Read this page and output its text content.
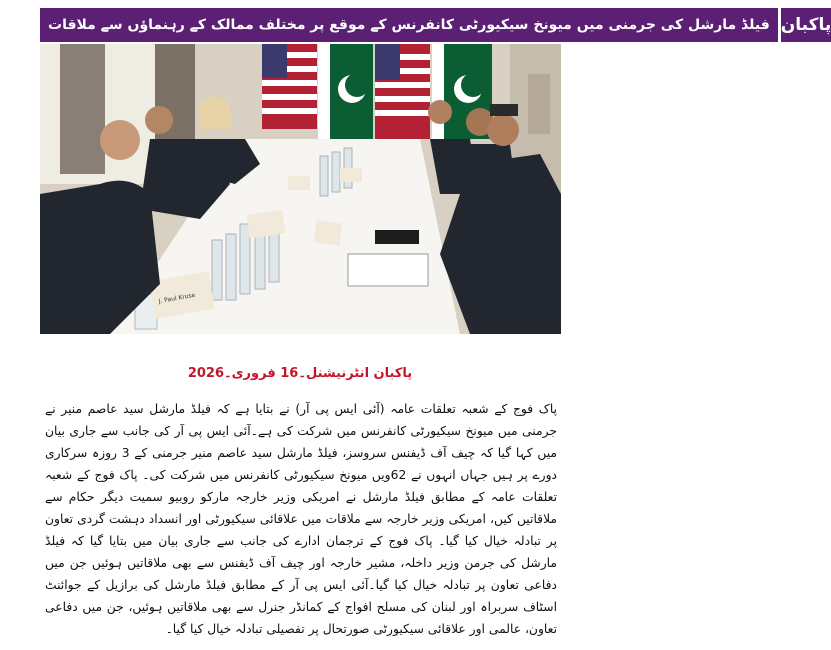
فیلڈ مارشل کی جرمنی میں میونخ سیکیورٹی کانفرنس کے موقع پر مختلف ممالک کے رہنماؤں سے ملاقات پاکبان
J. Paul Kruse
پاکبان انٹرنیشنل۔16 فروری۔2026
پاک فوج کے شعبہ تعلقات عامہ (آئی ایس پی آر) نے بتایا ہے کہ فیلڈ مارشل سید عاصم منیر نے جرمنی میں میونخ سیکیورٹی کانفرنس میں شرکت کی ہے۔آئی ایس پی آر کی جانب سے جاری بیان میں کہا گیا کہ چیف آف ڈیفنس سروسز، فیلڈ مارشل سید عاصم منیر جرمنی کے 3 روزہ سرکاری دورے پر ہیں جہاں انہوں نے 62ویں میونخ سیکیورٹی کانفرنس میں شرکت کی۔ پاک فوج کے شعبہ تعلقات عامہ کے مطابق فیلڈ مارشل نے امریکی وزیر خارجہ مارکو روبیو سمیت دیگر حکام سے ملاقاتیں کیں، امریکی وزیر خارجہ سے ملاقات میں علاقائی سیکیورٹی اور انسداد دہشت گردی تعاون پر تبادلہ خیال کیا گیا۔ پاک فوج کے ترجمان ادارے کی جانب سے جاری بیان میں بتایا گیا کہ فیلڈ مارشل کی جرمن وزیر داخلہ، مشیر خارجہ اور چیف آف ڈیفنس سے بھی ملاقاتیں ہوئیں جن میں دفاعی تعاون پر تبادلہ خیال کیا گیا۔آئی ایس پی آر کے مطابق فیلڈ مارشل کی برازیل کے جوائنٹ اسٹاف سربراہ اور لبنان کی مسلح افواج کے کمانڈر جنرل سے بھی ملاقاتیں ہوئیں، جن میں دفاعی تعاون، عالمی اور علاقائی سیکیورٹی صورتحال پر تفصیلی تبادلہ خیال کیا گیا۔
